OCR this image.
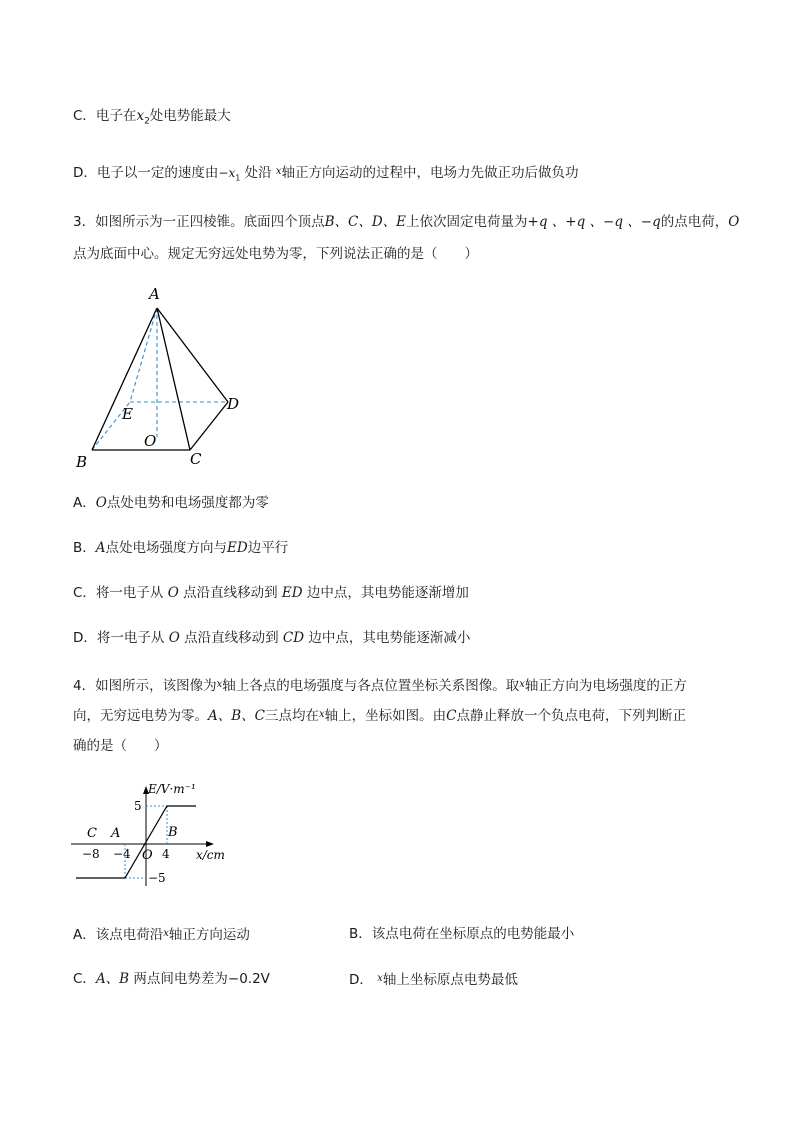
C．电子在$x_2$处电势能最大
D．电子以一定的速度由$-x_1$ 处沿 $^x$轴正方向运动的过程中，电场力先做正功后做负功
3．如图所示为一正四棱锥。底面四个顶点B、C、D、E上依次固定电荷量为+q 、+q 、−q 、−q的点电荷，O
点为底面中心。规定无穷远处电势为零，下列说法正确的是（　　）
A
B	C
D
E
O
A．O点处电势和电场强度都为零
B．A点处电场强度方向与ED边平行
C．将一电子从 O 点沿直线移动到 ED 边中点，其电势能逐渐增加
D．将一电子从 O 点沿直线移动到 CD 边中点，其电势能逐渐减小
4．如图所示，该图像为$^x$轴上各点的电场强度与各点位置坐标关系图像。取$^x$轴正方向为电场强度的正方
向，无穷远电势为零。A、B、C三点均在$^x$轴上，坐标如图。由C点静止释放一个负点电荷，下列判断正
确的是（　　）
E/V·m⁻¹
x/cm
5
−5
−8 −4	4
O
C A	B
A．该点电荷沿$^x$轴正方向运动	B．该点电荷在坐标原点的电势能最小
C．A、B 两点间电势差为−0.2V	D． $^x$轴上坐标原点电势最低
